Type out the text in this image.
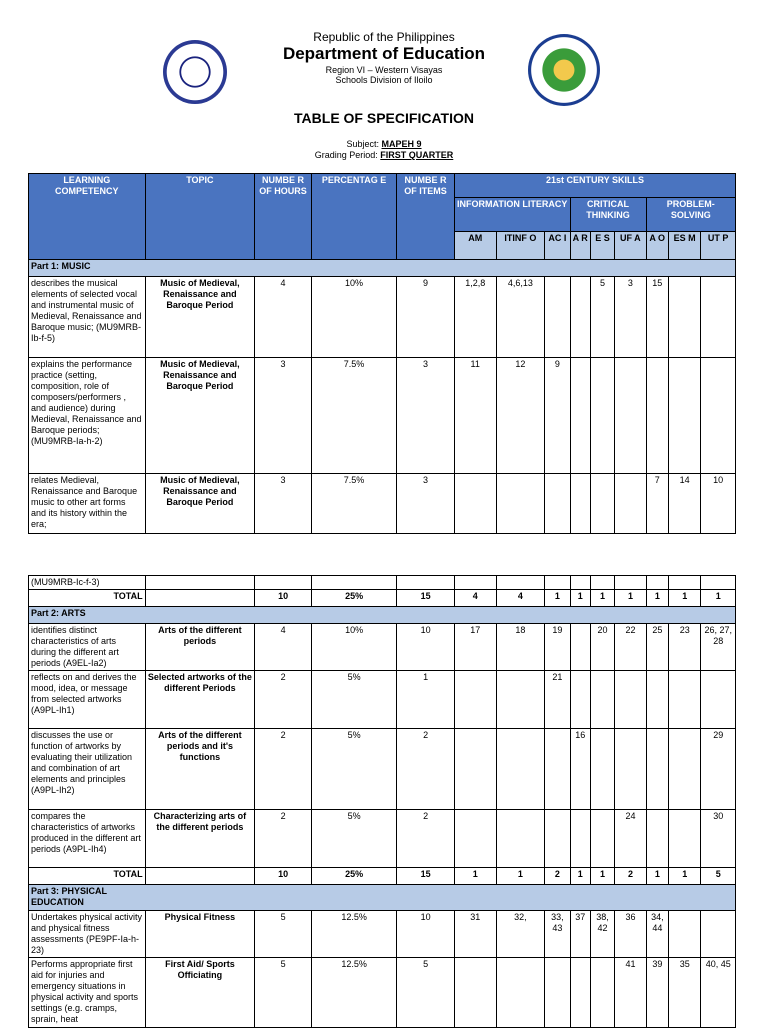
Republic of the Philippines
Department of Education
Region VI – Western Visayas
Schools Division of Iloilo
TABLE OF SPECIFICATION
Subject: MAPEH 9
Grading Period: FIRST QUARTER
LEARNING COMPETENCY	TOPIC	NUMBE R OF HOURS	PERCENTAG E	NUMBE R OF ITEMS	21st CENTURY SKILLS								
					INFORMATION LITERACY			CRITICAL THINKING			PROBLEM-SOLVING		
					AM	ITINF O	AC I	A R	E S	UF A	A O	ES M	UT P
Part 1: MUSIC													
describes the musical elements of selected vocal and instrumental music of Medieval, Renaissance and Baroque music; (MU9MRB-Ib-f-5)	Music of Medieval, Renaissance and Baroque Period	4	10%	9	1,2,8	4,6,13			5	3	15		
explains the performance practice (setting, composition, role of composers/performers , and audience) during Medieval, Renaissance and Baroque periods; (MU9MRB-Ia-h-2)	Music of Medieval, Renaissance and Baroque Period	3	7.5%	3	11	12	9						
relates Medieval, Renaissance and Baroque music to other art forms and its history within the era;	Music of Medieval, Renaissance and Baroque Period	3	7.5%	3							7	14	10
(MU9MRB-Ic-f-3)													
TOTAL		10	25%	15	4	4	1	1	1	1	1	1	1
Part 2: ARTS													
identifies distinct characteristics of arts during the different art periods (A9EL-Ia2)	Arts of the different periods	4	10%	10	17	18	19		20	22	25	23	26, 27, 28
reflects on and derives the mood, idea, or message from selected artworks (A9PL-Ih1)	Selected artworks of the different Periods	2	5%	1			21						
discusses the use or function of artworks by evaluating their utilization and combination of art elements and principles (A9PL-Ih2)	Arts of the different periods and it's functions	2	5%	2				16					29
compares the characteristics of artworks produced in the different art periods (A9PL-Ih4)	Characterizing arts of the different periods	2	5%	2						24			30
TOTAL		10	25%	15	1	1	2	1	1	2	1	1	5
Part 3: PHYSICAL EDUCATION													
Undertakes physical activity and physical fitness assessments (PE9PF-Ia-h-23)	Physical Fitness	5	12.5%	10	31	32,	33, 43	37	38, 42	36	34, 44		
Performs appropriate first aid for injuries and emergency situations in physical activity and sports settings (e.g. cramps, sprain, heat	First Aid/ Sports Officiating	5	12.5%	5						41	39	35	40, 45
